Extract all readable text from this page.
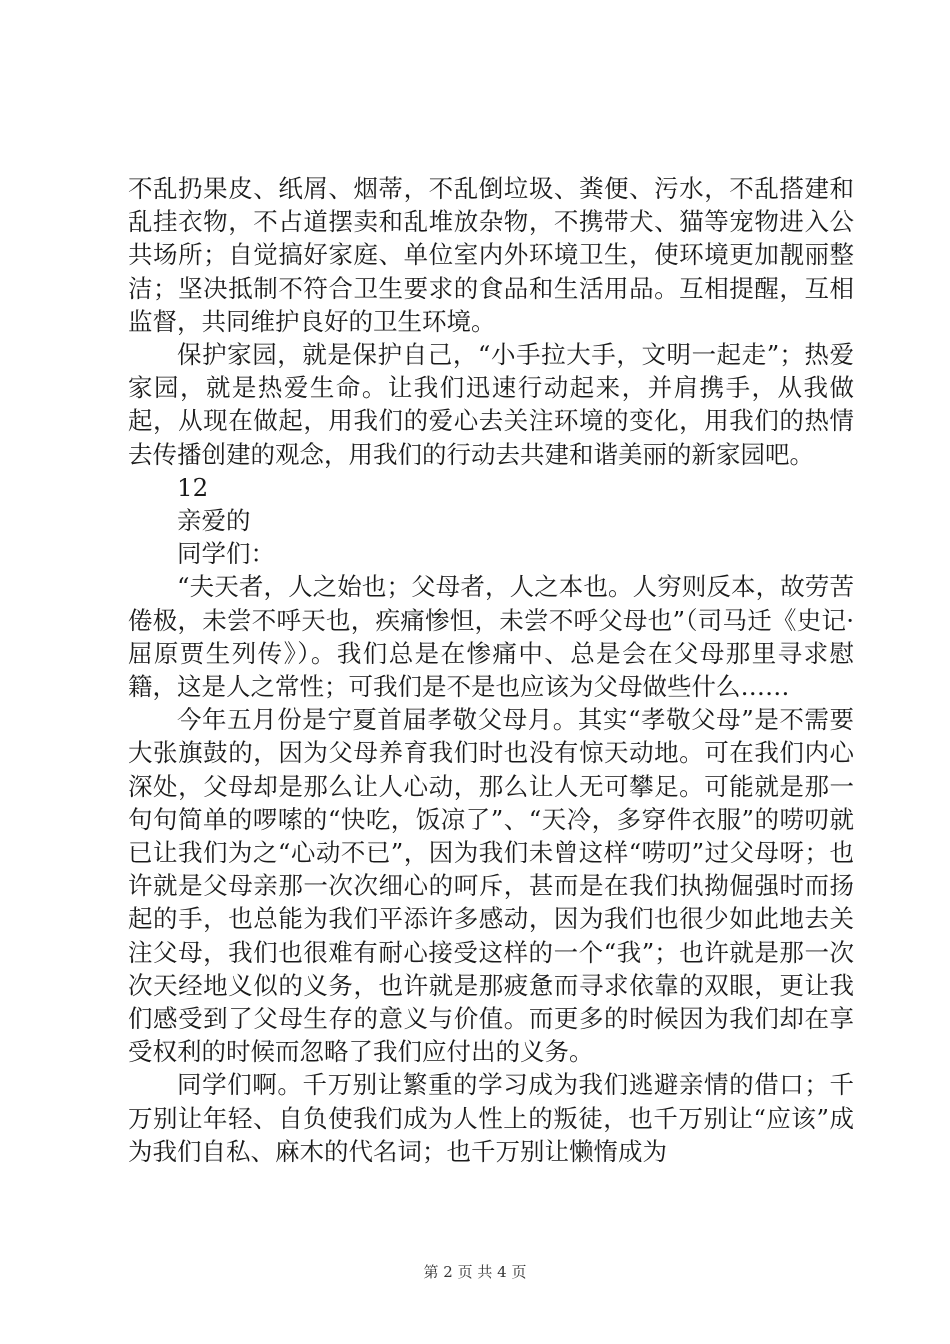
不乱扔果皮、纸屑、烟蒂，不乱倒垃圾、粪便、污水，不乱搭建和乱挂衣物，不占道摆卖和乱堆放杂物，不携带犬、猫等宠物进入公共场所；自觉搞好家庭、单位室内外环境卫生，使环境更加靓丽整洁；坚决抵制不符合卫生要求的食品和生活用品。互相提醒，互相监督，共同维护良好的卫生环境。

保护家园，就是保护自己，“小手拉大手，文明一起走”；热爱家园，就是热爱生命。让我们迅速行动起来，并肩携手，从我做起，从现在做起，用我们的爱心去关注环境的变化，用我们的热情去传播创建的观念，用我们的行动去共建和谐美丽的新家园吧。

12

亲爱的

同学们：

“夫天者，人之始也；父母者，人之本也。人穷则反本，故劳苦倦极，未尝不呼天也，疾痛惨怛，未尝不呼父母也”（司马迁《史记·屈原贾生列传》）。我们总是在惨痛中、总是会在父母那里寻求慰籍，这是人之常性；可我们是不是也应该为父母做些什么……

今年五月份是宁夏首届孝敬父母月。其实“孝敬父母”是不需要大张旗鼓的，因为父母养育我们时也没有惊天动地。可在我们内心深处，父母却是那么让人心动，那么让人无可攀足。可能就是那一句句简单的啰嗦的“快吃，饭凉了”、“天冷，多穿件衣服”的唠叨就已让我们为之“心动不已”，因为我们未曾这样“唠叨”过父母呀；也许就是父母亲那一次次细心的呵斥，甚而是在我们执拗倔强时而扬起的手，也总能为我们平添许多感动，因为我们也很少如此地去关注父母，我们也很难有耐心接受这样的一个“我”；也许就是那一次次天经地义似的义务，也许就是那疲惫而寻求依靠的双眼，更让我们感受到了父母生存的意义与价值。而更多的时候因为我们却在享受权利的时候而忽略了我们应付出的义务。

同学们啊。千万别让繁重的学习成为我们逃避亲情的借口；千万别让年轻、自负使我们成为人性上的叛徒，也千万别让“应该”成为我们自私、麻木的代名词；也千万别让懒惰成为

第 2 页 共 4 页
